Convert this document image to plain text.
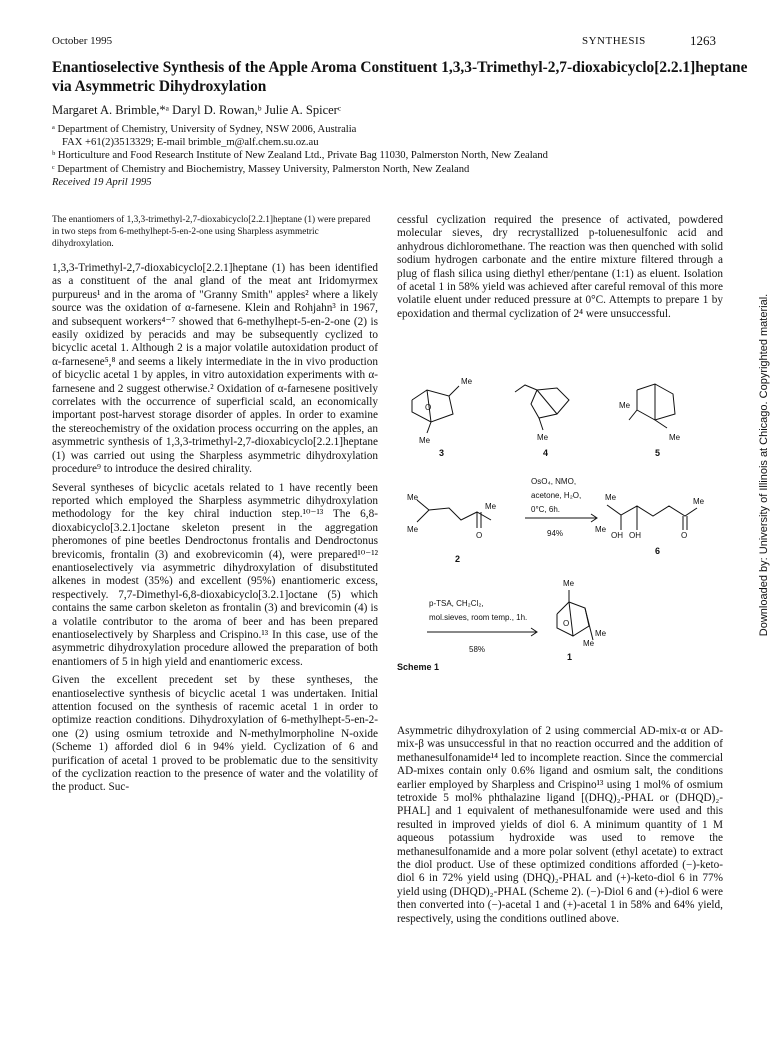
October 1995	SYNTHESIS	1263
Enantioselective Synthesis of the Apple Aroma Constituent 1,3,3-Trimethyl-2,7-dioxabicyclo[2.2.1]heptane via Asymmetric Dihydroxylation
Margaret A. Brimble,*ᵃ Daryl D. Rowan,ᵇ Julie A. Spicerᶜ
ᵃ Department of Chemistry, University of Sydney, NSW 2006, Australia
FAX +61(2)3513329; E-mail brimble_m@alf.chem.su.oz.au
ᵇ Horticulture and Food Research Institute of New Zealand Ltd., Private Bag 11030, Palmerston North, New Zealand
ᶜ Department of Chemistry and Biochemistry, Massey University, Palmerston North, New Zealand
Received 19 April 1995
The enantiomers of 1,3,3-trimethyl-2,7-dioxabicyclo[2.2.1]heptane (1) were prepared in two steps from 6-methylhept-5-en-2-one using Sharpless asymmetric dihydroxylation.

1,3,3-Trimethyl-2,7-dioxabicyclo[2.2.1]heptane (1) has been identified as a constituent of the anal gland of the meat ant Iridomyrmex purpureus¹ and in the aroma of "Granny Smith" apples² where a likely source was the oxidation of α-farnesene. Klein and Rohjahn³ in 1967, and subsequent workers⁴⁻⁷ showed that 6-methylhept-5-en-2-one (2) is easily oxidized by peracids and may be subsequently cyclized to bicyclic acetal 1. Although 2 is a major volatile autoxidation product of α-farnesene⁵,⁸ and seems a likely intermediate in the in vivo production of bicyclic acetal 1 by apples, in vitro autoxidation experiments with α-farnesene and 2 suggest otherwise.² Oxidation of α-farnesene positively correlates with the occurrence of superficial scald, an economically important post-harvest storage disorder of apples. In order to examine the stereochemistry of the oxidation process occurring on the apples, an asymmetric synthesis of 1,3,3-trimethyl-2,7-dioxabicyclo[2.2.1]heptane (1) was carried out using the Sharpless asymmetric dihydroxylation procedure⁹ to introduce the desired chirality.

Several syntheses of bicyclic acetals related to 1 have recently been reported which employed the Sharpless asymmetric dihydroxylation methodology for the key chiral induction step.¹⁰⁻¹³ The 6,8-dioxabicyclo[3.2.1]octane skeleton present in the aggregation pheromones of pine beetles Dendroctonus frontalis and Dendroctonus brevicomis, frontalin (3) and exobrevicomin (4), were prepared¹⁰⁻¹² enantioselectively via asymmetric dihydroxylation of disubstituted alkenes in modest (35%) and excellent (95%) enantiomeric excess, respectively. 7,7-Dimethyl-6,8-dioxabicyclo[3.2.1]octane (5) which contains the same carbon skeleton as frontalin (3) and brevicomin (4) is a volatile contributor to the aroma of beer and has been prepared enantioselectively by Sharpless and Crispino.¹³ In this case, use of the asymmetric dihydroxylation procedure allowed the preparation of both enantiomers of 5 in high yield and enantiomeric excess.

Given the excellent precedent set by these syntheses, the enantioselective synthesis of bicyclic acetal 1 was undertaken. Initial attention focused on the synthesis of racemic acetal 1 in order to optimize reaction conditions. Dihydroxylation of 6-methylhept-5-en-2-one (2) using osmium tetroxide and N-methylmorpholine N-oxide (Scheme 1) afforded diol 6 in 94% yield. Cyclization of 6 and purification of acetal 1 proved to be problematic due to the sensitivity of the cyclization reaction to the presence of water and the volatility of the product. Suc-

cessful cyclization required the presence of activated, powdered molecular sieves, dry recrystallized p-toluenesulfonic acid and anhydrous dichloromethane. The reaction was then quenched with solid sodium hydrogen carbonate and the entire mixture filtered through a plug of flash silica using diethyl ether/pentane (1:1) as eluent. Isolation of acetal 1 in 58% yield was achieved after careful removal of this more volatile eluent under reduced pressure at 0°C. Attempts to prepare 1 by epoxidation and thermal cyclization of 2⁴ were unsuccessful.

Me
Me
O
Me
Me
Me
Me
Me
Me
O
Me
Me
OH OH
Me
O
Me
Me
Me
O
3	4	5
2
6
1
OsO₄, NMO,
acetone, H₂O,
0°C, 6h.
94%
p-TSA, CH₂Cl₂,
mol.sieves, room temp., 1h.
58%
Scheme 1

Asymmetric dihydroxylation of 2 using commercial AD-mix-α or AD-mix-β was unsuccessful in that no reaction occurred and the addition of methanesulfonamide¹⁴ led to incomplete reaction. Since the commercial AD-mixes contain only 0.6% ligand and osmium salt, the conditions earlier employed by Sharpless and Crispino¹³ using 1 mol% of osmium tetroxide 5 mol% phthalazine ligand [(DHQ)₂-PHAL or (DHQD)₂-PHAL] and 1 equivalent of methanesulfonamide were used and this resulted in improved yields of diol 6. A minimum quantity of 1 M aqueous potassium hydroxide was used to remove the methanesulfonamide and a more polar solvent (ethyl acetate) to extract the diol product. Use of these optimized conditions afforded (−)-keto-diol 6 in 72% yield using (DHQ)₂-PHAL and (+)-keto-diol 6 in 77% yield using (DHQD)₂-PHAL (Scheme 2). (−)-Diol 6 and (+)-diol 6 were then converted into (−)-acetal 1 and (+)-acetal 1 in 58% and 64% yield, respectively, using the conditions outlined above.

Downloaded by: University of Illinois at Chicago. Copyrighted material.
